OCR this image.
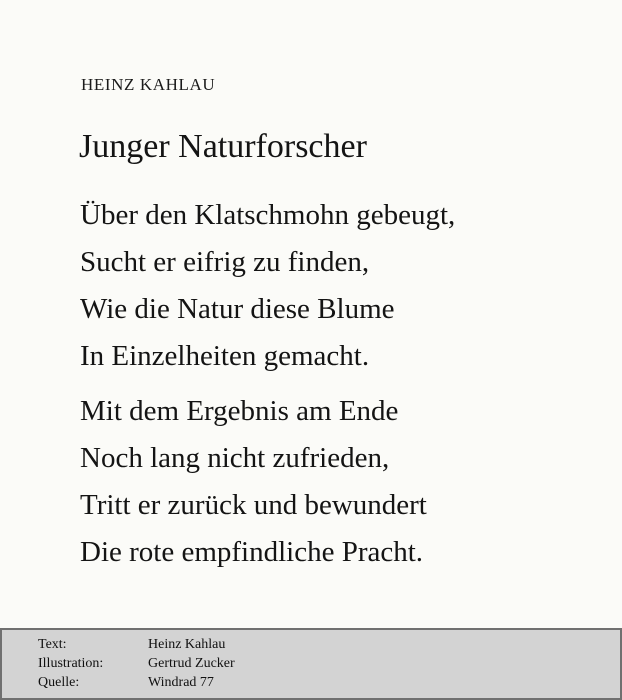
HEINZ KAHLAU
Junger Naturforscher
Über den Klatschmohn gebeugt,
Sucht er eifrig zu finden,
Wie die Natur diese Blume
In Einzelheiten gemacht.
Mit dem Ergebnis am Ende
Noch lang nicht zufrieden,
Tritt er zurück und bewundert
Die rote empfindliche Pracht.
Text:	Heinz Kahlau
Illustration:	Gertrud Zucker
Quelle:	Windrad 77
